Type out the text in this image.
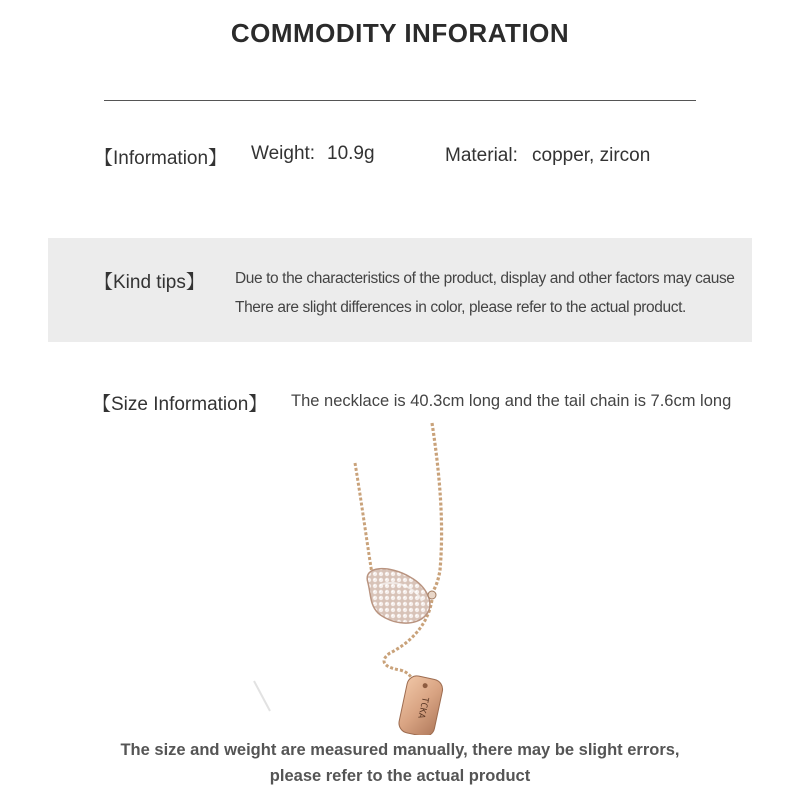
COMMODITY INFORATION
【Information】 Weight: 10.9g	Material: copper, zircon
【Kind tips】 Due to the characteristics of the product, display and other factors may cause
There are slight differences in color, please refer to the actual product.
【Size Information】 The necklace is 40.3cm long and the tail chain is 7.6cm long
TCKA
The size and weight are measured manually, there may be slight errors,
please refer to the actual product
